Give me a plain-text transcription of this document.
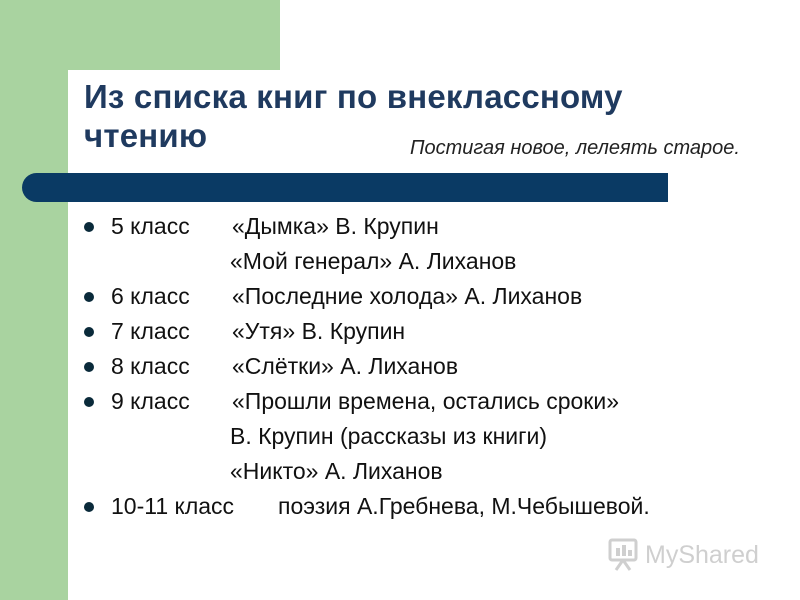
Из списка книг по внеклассному
чтению	Постигая новое, лелеять старое.
5 класс «Дымка» В. Крупин
«Мой генерал» А. Лиханов
6 класс «Последние холода» А. Лиханов
7 класс «Утя» В. Крупин
8 класс «Слётки» А. Лиханов
9 класс «Прошли времена, остались сроки»
В. Крупин (рассказы из книги)
«Никто» А. Лиханов
10-11 класс поэзия А.Гребнева, М.Чебышевой.
MyShared
